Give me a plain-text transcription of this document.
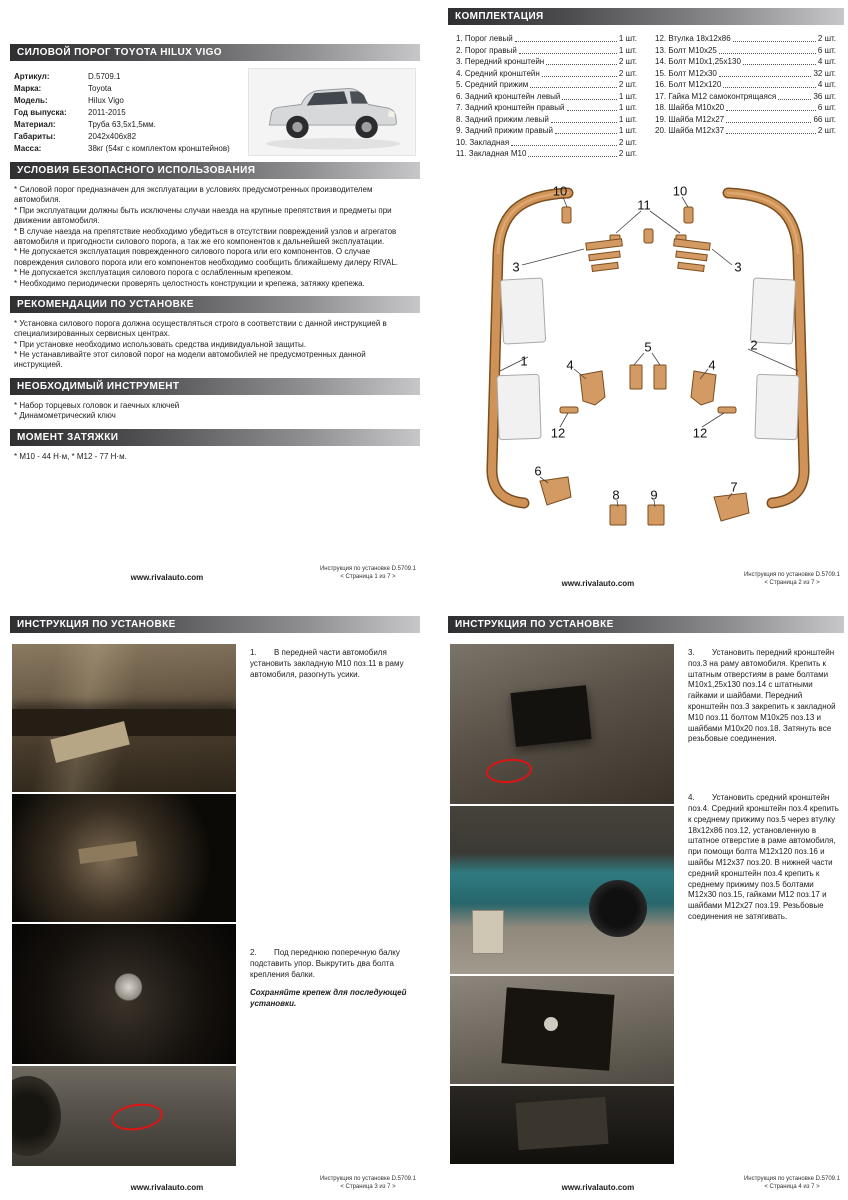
СИЛОВОЙ ПОРОГ TOYOTA HILUX VIGO
Артикул:	D.5709.1
Марка:	Toyota
Модель:	Hilux Vigo
Год выпуска:	2011-2015
Материал:	Труба 63,5х1,5мм.
Габариты:	2042х406х82
Масса:	38кг (54кг с комплектом кронштейнов)
УСЛОВИЯ БЕЗОПАСНОГО ИСПОЛЬЗОВАНИЯ

* Силовой порог предназначен для эксплуатации в условиях предусмотренных производителем автомобиля.

* При эксплуатации должны быть исключены случаи наезда на крупные препятствия и предметы при движении автомобиля.

* В случае наезда на препятствие необходимо убедиться в отсутствии повреждений узлов и агрегатов автомобиля и пригодности силового порога, а так же его компонентов к дальнейшей эксплуатации.

* Не допускается эксплуатация поврежденного силового порога или его компонентов. О случае повреждения силового порога или его компонентов необходимо сообщить ближайшему дилеру RIVAL.

* Не допускается эксплуатация силового порога с ослабленным крепежом.

* Необходимо периодически проверять целостность конструкции и крепежа, затяжку крепежа.

РЕКОМЕНДАЦИИ ПО УСТАНОВКЕ

* Установка силового порога должна осуществляться строго в соответствии с данной инструкцией в специализированных сервисных центрах.

* При установке необходимо использовать средства индивидуальной защиты.

* Не устанавливайте этот силовой порог на модели автомобилей не предусмотренных данной инструкцией.

НЕОБХОДИМЫЙ ИНСТРУМЕНТ

* Набор торцевых головок и гаечных ключей

* Динамометрический ключ

МОМЕНТ ЗАТЯЖКИ

* М10 - 44 Н·м, * М12 - 77 Н·м.

www.rivalauto.com
Инструкция по установке D.5709.1
< Страница 1 из 7 >
КОМПЛЕКТАЦИЯ
1. Порог левый	1 шт.
2. Порог правый	1 шт.
3. Передний кронштейн	2 шт.
4. Средний кронштейн	2 шт.
5. Средний прижим	2 шт.
6. Задний кронштейн левый	1 шт.
7. Задний кронштейн правый	1 шт.
8. Задний прижим левый	1 шт.
9. Задний прижим правый	1 шт.
10. Закладная	2 шт.
11. Закладная М10	2 шт.
12. Втулка 18х12х86	2 шт.
13. Болт М10х25	6 шт.
14. Болт М10х1,25х130	4 шт.
15. Болт М12х30	32 шт.
16. Болт М12х120	4 шт.
17. Гайка М12 самоконтрящаяся	36 шт.
18. Шайба М10х20	6 шт.
19. Шайба М12х27	66 шт.
20. Шайба М12х37	2 шт.
10
11
10
3	3
1	4
5
4
2
12	12
6
8 9
7
www.rivalauto.com
Инструкция по установке D.5709.1
< Страница 2 из 7 >
ИНСТРУКЦИЯ ПО УСТАНОВКЕ

1. В передней части автомобиля установить закладную М10 поз.11 в раму автомобиля, разогнуть усики.

2. Под переднюю поперечную балку подставить упор. Выкрутить два болта крепления балки.

Сохраняйте крепеж для последующей установки.

www.rivalauto.com
Инструкция по установке D.5709.1
< Страница 3 из 7 >
ИНСТРУКЦИЯ ПО УСТАНОВКЕ

3. Установить передний кронштейн поз.3 на раму автомобиля. Крепить к штатным отверстиям в раме болтами М10х1,25х130 поз.14 с штатными гайками и шайбами. Передний кронштейн поз.3 закрепить к закладной М10 поз.11 болтом М10х25 поз.13 и шайбами М10х20 поз.18. Затянуть все резьбовые соединения.

4. Установить средний кронштейн поз.4. Средний кронштейн поз.4 крепить к среднему прижиму поз.5 через втулку 18х12х86 поз.12, установленную в штатное отверстие в раме автомобиля, при помощи болта М12х120 поз.16 и шайбы М12х37 поз.20. В нижней части средний кронштейн поз.4 крепить к среднему прижиму поз.5 болтами М12х30 поз.15, гайками М12 поз.17 и шайбами М12х27 поз.19. Резьбовые соединения не затягивать.

www.rivalauto.com
Инструкция по установке D.5709.1
< Страница 4 из 7 >
